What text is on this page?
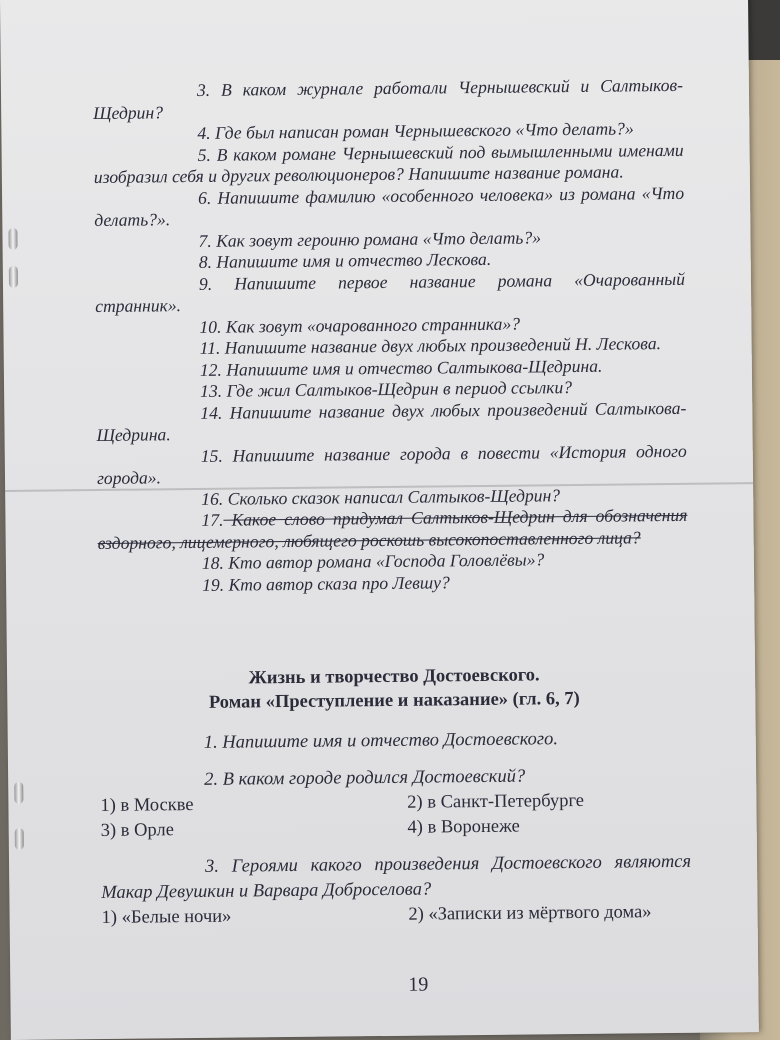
3. В каком журнале работали Чернышевский и Салтыков-Щедрин?

4. Где был написан роман Чернышевского «Что делать?»

5. В каком романе Чернышевский под вымышленными именами изобразил себя и других революционеров? Напишите название романа.

6. Напишите фамилию «особенного человека» из романа «Что делать?».

7. Как зовут героиню романа «Что делать?»

8. Напишите имя и отчество Лескова.

9. Напишите первое название романа «Очарованный странник».

10. Как зовут «очарованного странника»?

11. Напишите название двух любых произведений Н. Лескова.

12. Напишите имя и отчество Салтыкова-Щедрина.

13. Где жил Салтыков-Щедрин в период ссылки?

14. Напишите название двух любых произведений Салтыкова-Щедрина.

15. Напишите название города в повести «История одного города».

16. Сколько сказок написал Салтыков-Щедрин?

17. Какое слово придумал Салтыков-Щедрин для обозначения вздорного, лицемерного, любящего роскошь высокопоставленного лица?

18. Кто автор романа «Господа Головлёвы»?

19. Кто автор сказа про Левшу?

Жизнь и творчество Достоевского.
Роман «Преступление и наказание» (гл. 6, 7)

1. Напишите имя и отчество Достоевского.

2. В каком городе родился Достоевский?

1) в Москве	2) в Санкт-Петербурге
3) в Орле	4) в Воронеже

3. Героями какого произведения Достоевского являются Макар Девушкин и Варвара Доброселова?

1) «Белые ночи»	2) «Записки из мёртвого дома»
19
